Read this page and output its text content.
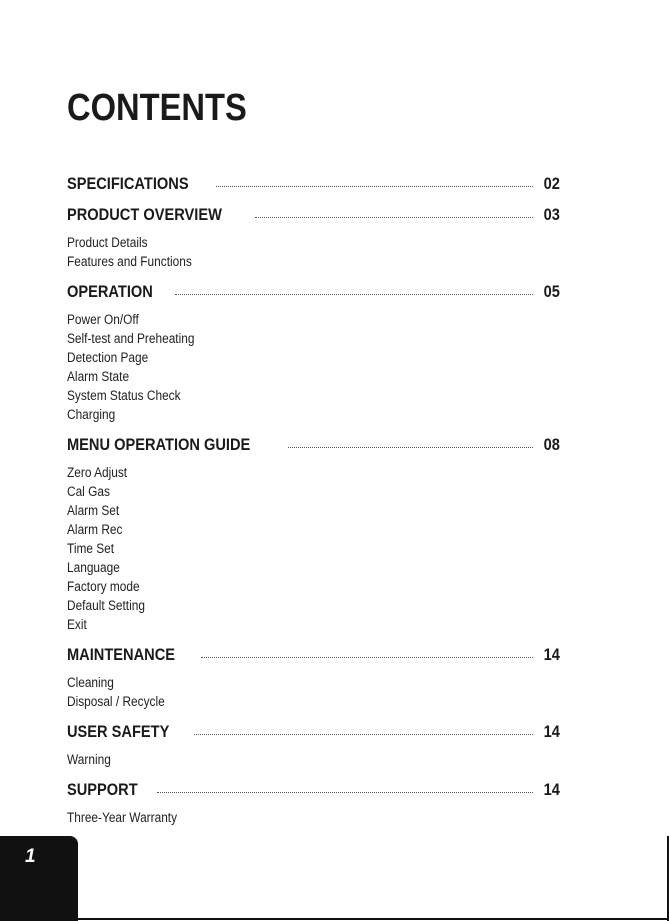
CONTENTS
SPECIFICATIONS	02
PRODUCT OVERVIEW	03
Product Details
Features and Functions
OPERATION	05
Power On/Off
Self-test and Preheating
Detection Page
Alarm State
System Status Check
Charging
MENU OPERATION GUIDE	08
Zero Adjust
Cal Gas
Alarm Set
Alarm Rec
Time Set
Language
Factory mode
Default Setting
Exit
MAINTENANCE	14
Cleaning
Disposal / Recycle
USER SAFETY	14
Warning
SUPPORT	14
Three-Year Warranty
1
